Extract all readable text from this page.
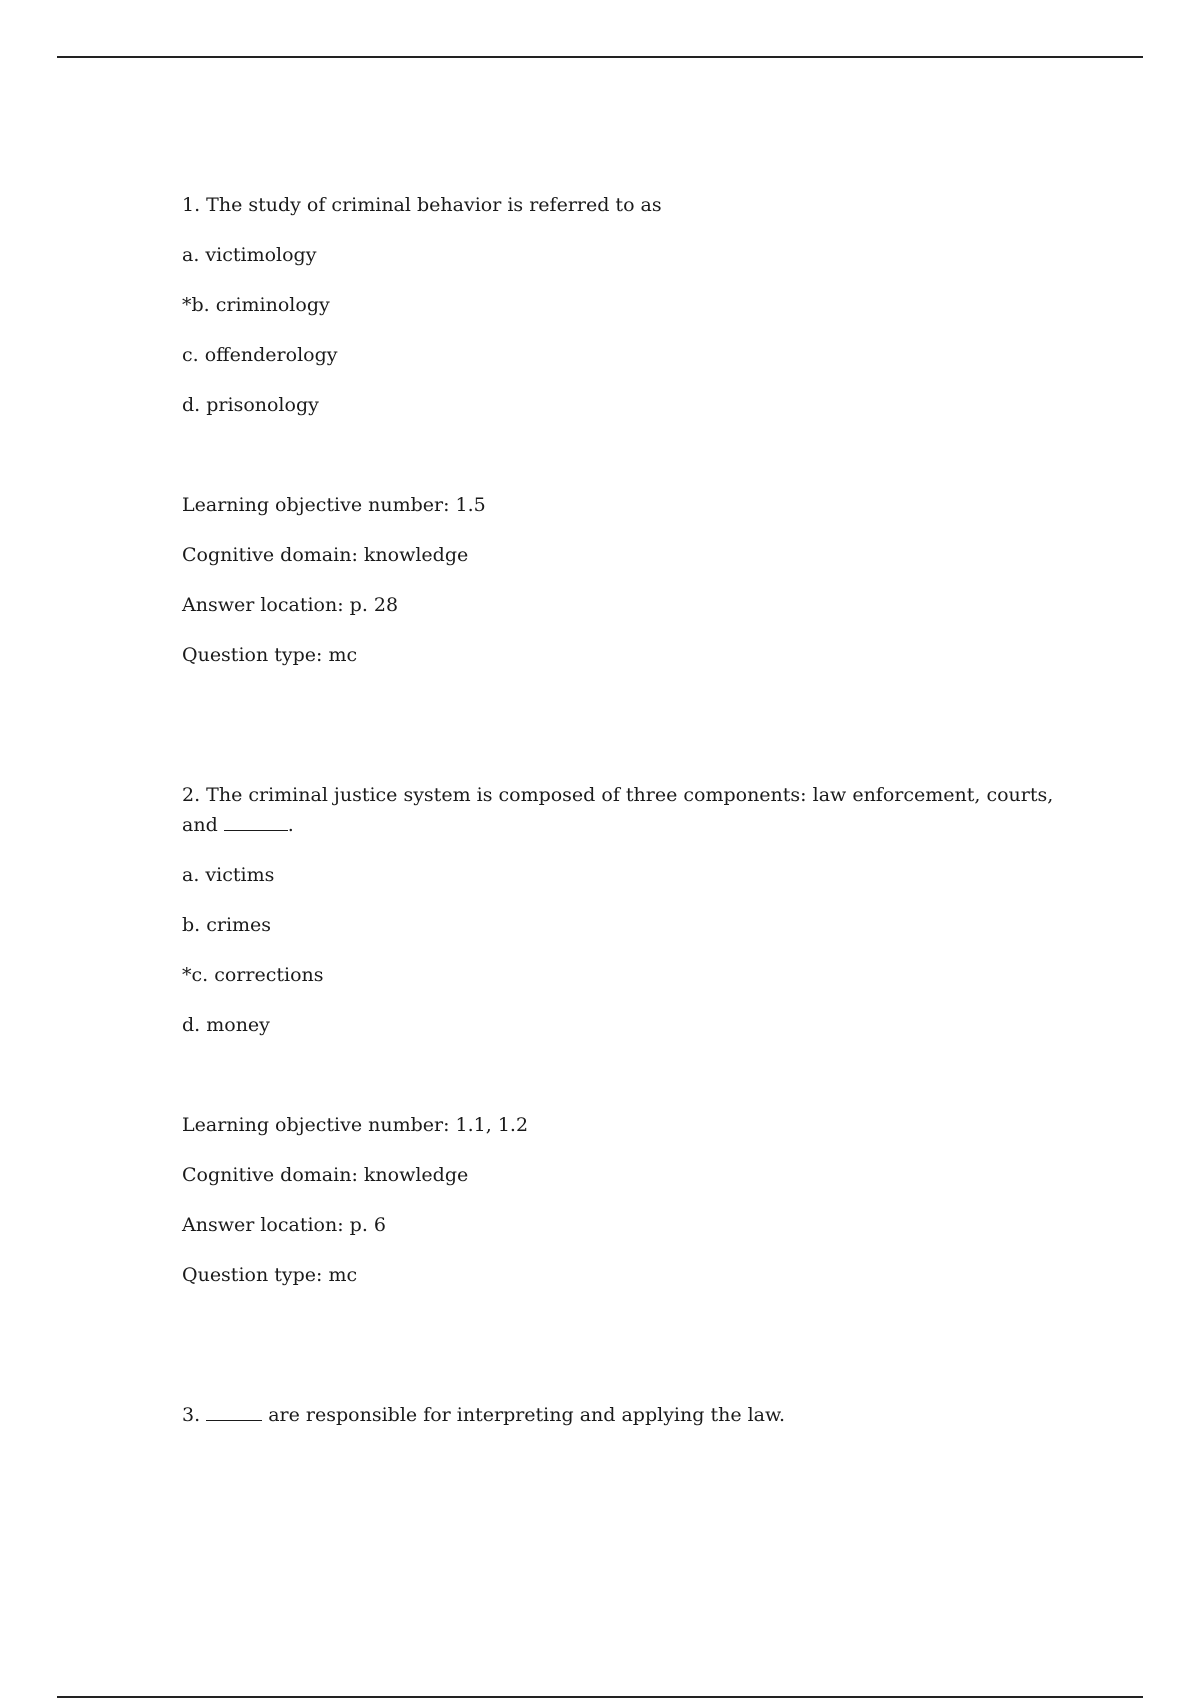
1. The study of criminal behavior is referred to as

a. victimology

*b. criminology

c. offenderology

d. prisonology

Learning objective number: 1.5

Cognitive domain: knowledge

Answer location: p. 28

Question type: mc

2. The criminal justice system is composed of three components: law enforcement, courts, and	.

a. victims

b. crimes

*c. corrections

d. money

Learning objective number: 1.1, 1.2

Cognitive domain: knowledge

Answer location: p. 6

Question type: mc

3.	are responsible for interpreting and applying the law.
